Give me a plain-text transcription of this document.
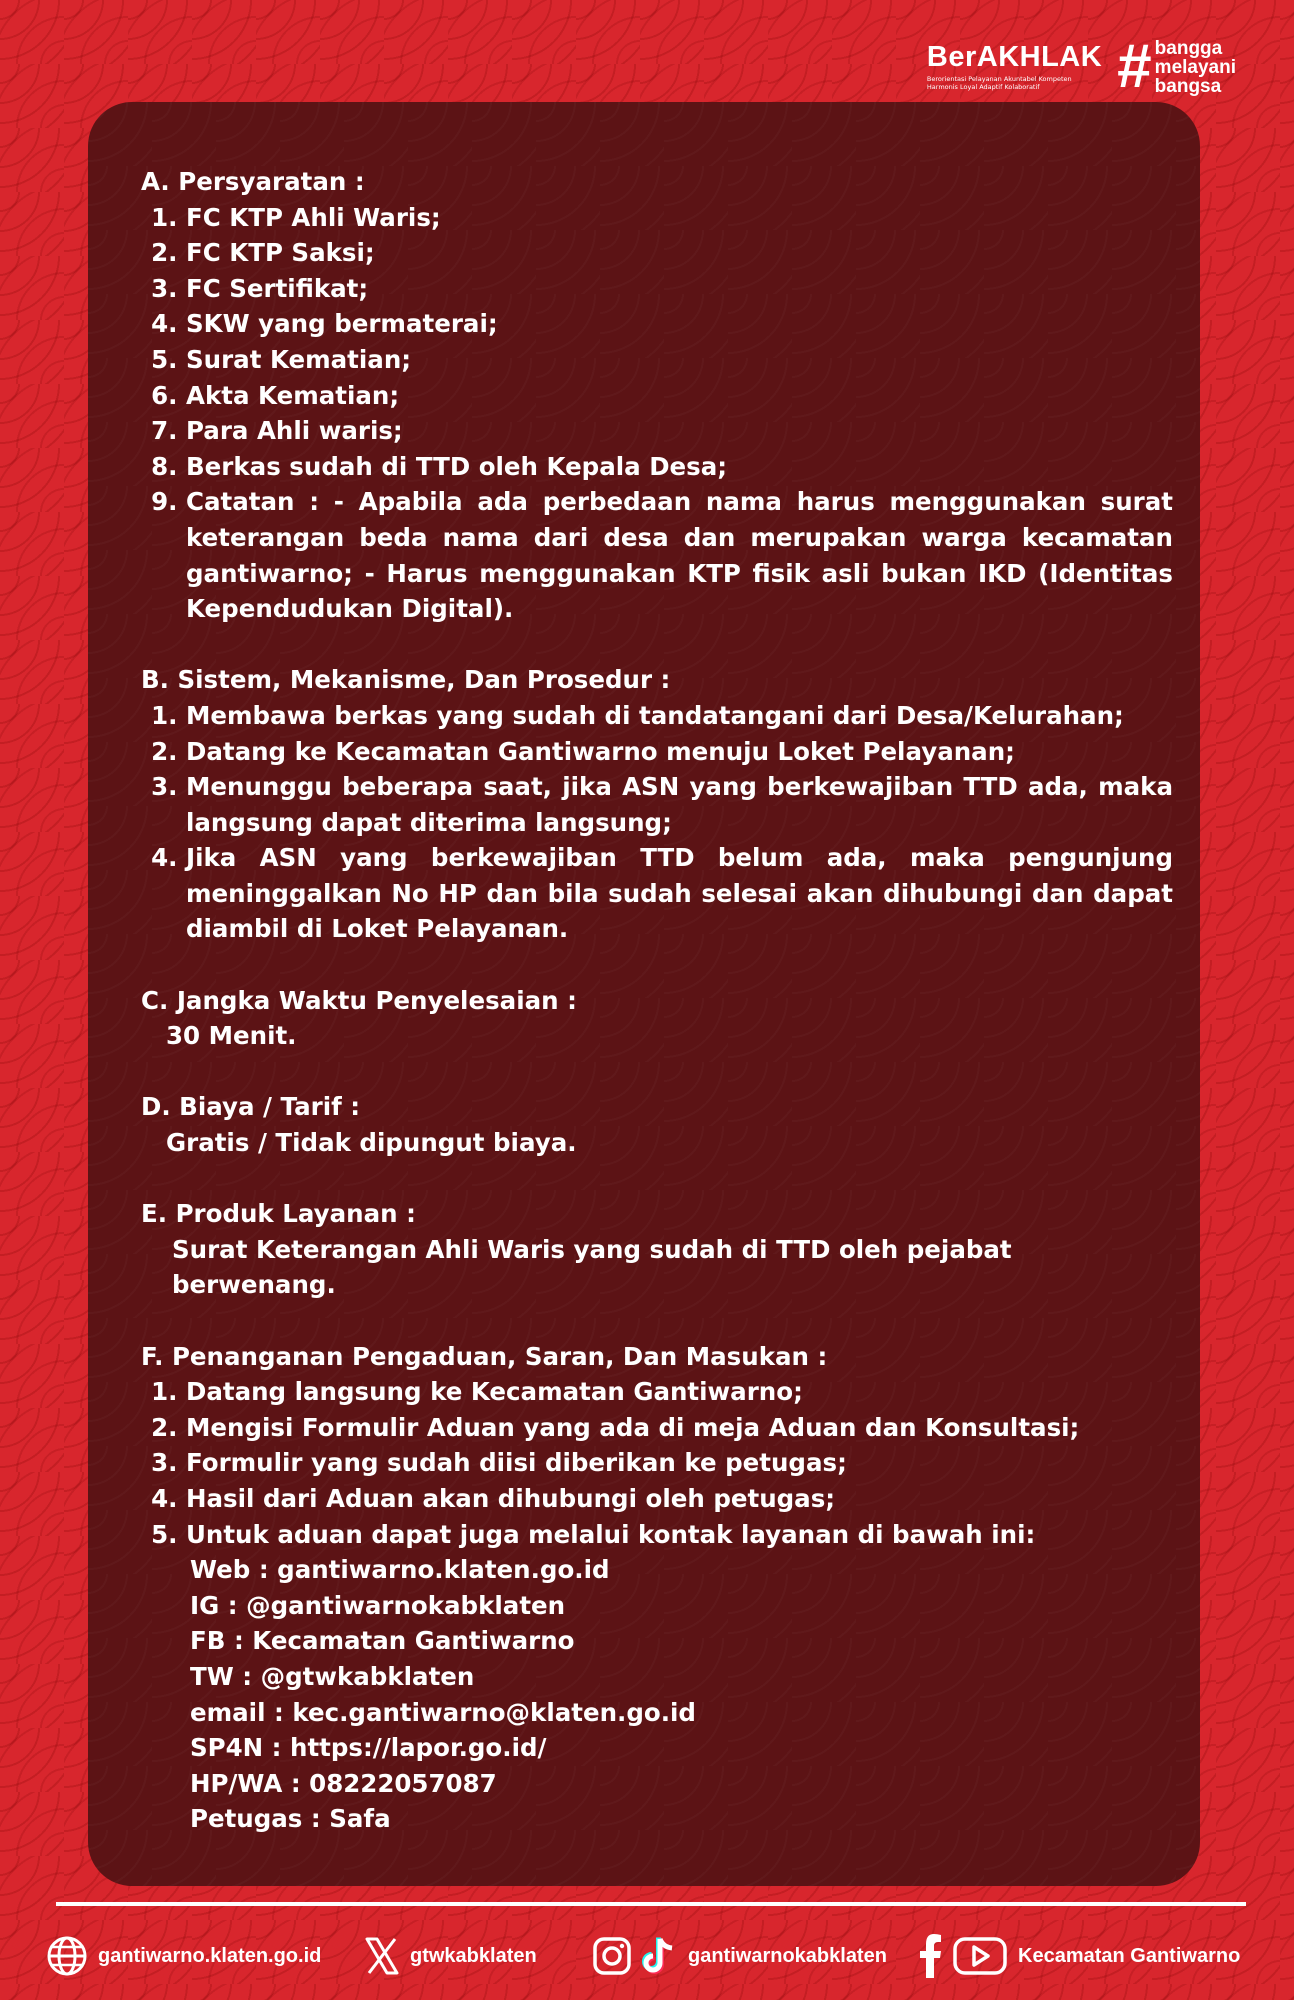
BerAKHLAK
Berorientasi Pelayanan Akuntabel Kompeten
Harmonis Loyal Adaptif Kolaboratif	# bangga
melayani
bangsa
A. Persyaratan :
1. FC KTP Ahli Waris;
2. FC KTP Saksi;
3. FC Sertifikat;
4. SKW yang bermaterai;
5. Surat Kematian;
6. Akta Kematian;
7. Para Ahli waris;
8. Berkas sudah di TTD oleh Kepala Desa;
9. Catatan : - Apabila ada perbedaan nama harus menggunakan surat keterangan beda nama dari desa dan merupakan warga kecamatan gantiwarno; - Harus menggunakan KTP fisik asli bukan IKD (Identitas Kependudukan Digital).
B. Sistem, Mekanisme, Dan Prosedur :
1. Membawa berkas yang sudah di tandatangani dari Desa/Kelurahan;
2. Datang ke Kecamatan Gantiwarno menuju Loket Pelayanan;
3. Menunggu beberapa saat, jika ASN yang berkewajiban TTD ada, maka langsung dapat diterima langsung;
4. Jika ASN yang berkewajiban TTD belum ada, maka pengunjung meninggalkan No HP dan bila sudah selesai akan dihubungi dan dapat diambil di Loket Pelayanan.
C. Jangka Waktu Penyelesaian :
30 Menit.
D. Biaya / Tarif :
Gratis / Tidak dipungut biaya.
E. Produk Layanan :
Surat Keterangan Ahli Waris yang sudah di TTD oleh pejabat berwenang.
F. Penanganan Pengaduan, Saran, Dan Masukan :
1. Datang langsung ke Kecamatan Gantiwarno;
2. Mengisi Formulir Aduan yang ada di meja Aduan dan Konsultasi;
3. Formulir yang sudah diisi diberikan ke petugas;
4. Hasil dari Aduan akan dihubungi oleh petugas;
5. Untuk aduan dapat juga melalui kontak layanan di bawah ini:
Web : gantiwarno.klaten.go.id
IG : @gantiwarnokabklaten
FB : Kecamatan Gantiwarno
TW : @gtwkabklaten
email : kec.gantiwarno@klaten.go.id
SP4N : https://lapor.go.id/
HP/WA : 08222057087
Petugas : Safa
gantiwarno.klaten.go.id	gtwkabklaten	gantiwarnokabklaten	Kecamatan Gantiwarno
